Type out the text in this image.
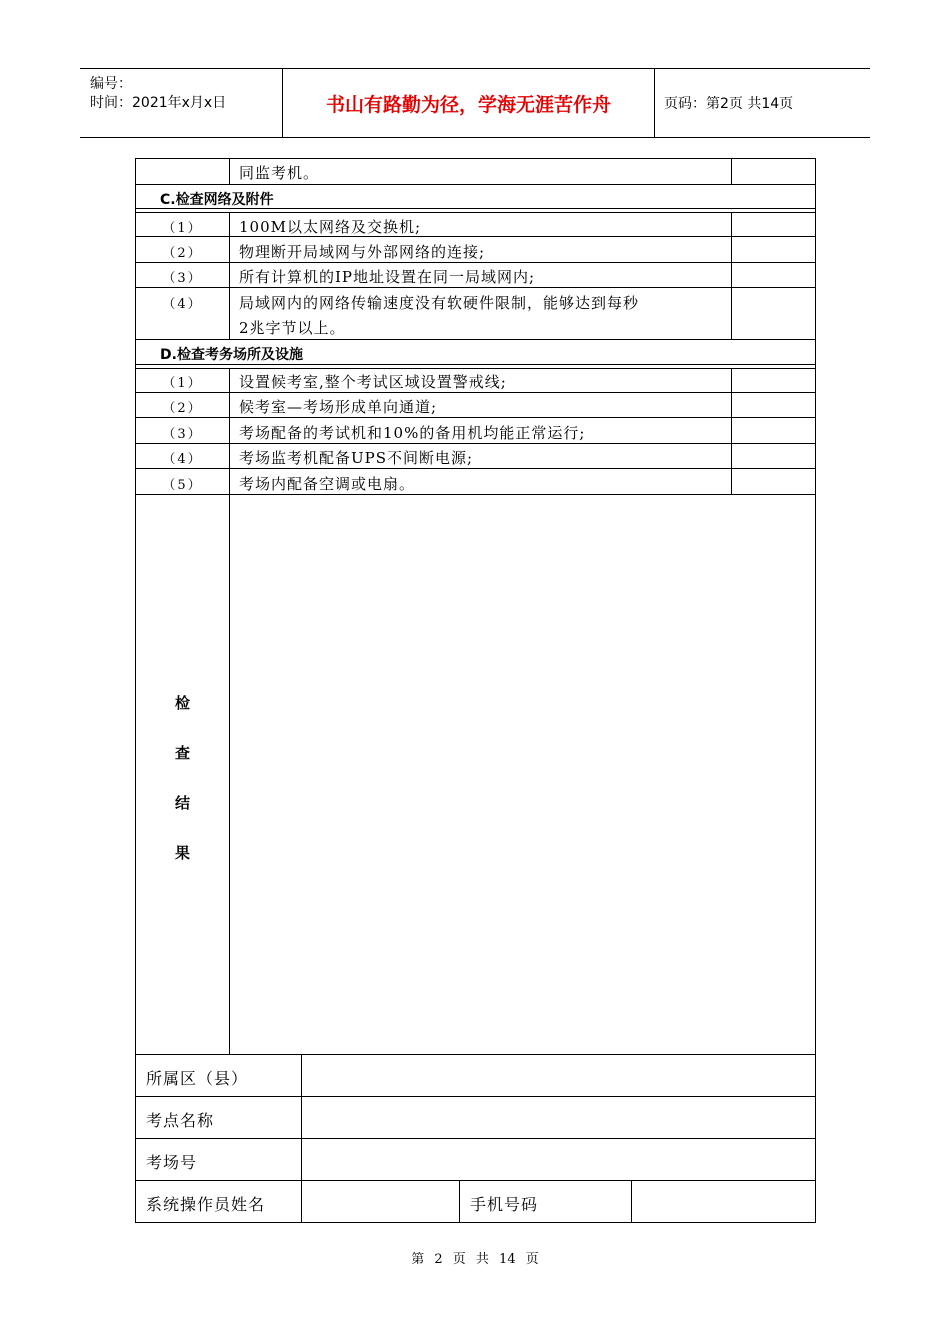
编号：
时间：2021年x月x日	书山有路勤为径，学海无涯苦作舟	页码：第2页 共14页
同监考机。
C.检查网络及附件
（1）	100M以太网络及交换机;
（2）	物理断开局域网与外部网络的连接;
（3）	所有计算机的IP地址设置在同一局域网内;
（4）	局域网内的网络传输速度没有软硬件限制，能够达到每秒
2兆字节以上。
D.检查考务场所及设施
（1）	设置候考室,整个考试区域设置警戒线;
（2）	候考室—考场形成单向通道;
（3）	考场配备的考试机和10%的备用机均能正常运行;
（4）	考场监考机配备UPS不间断电源;
（5）	考场内配备空调或电扇。
检
查
结
果
所属区（县）
考点名称
考场号
系统操作员姓名	手机号码
第 2 页 共 14 页
